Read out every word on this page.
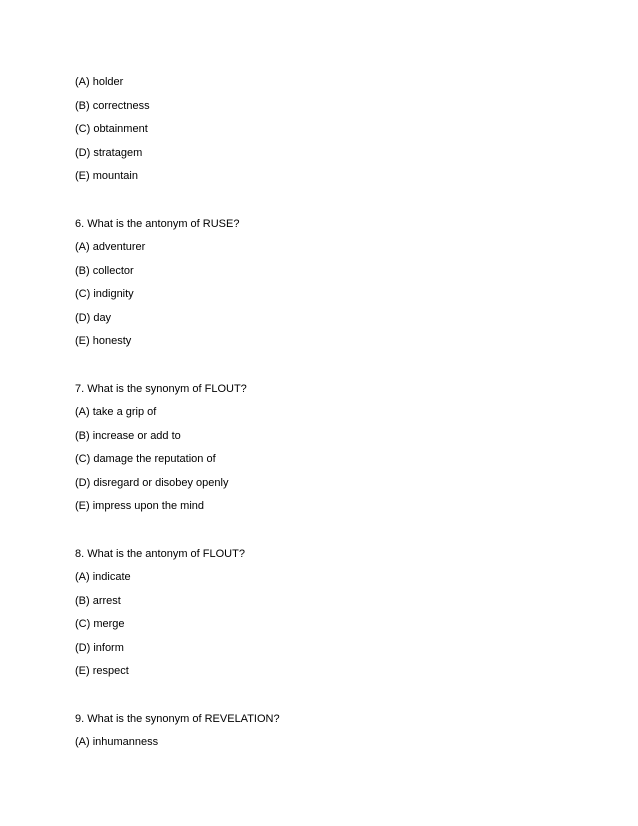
(A) holder
(B) correctness
(C) obtainment
(D) stratagem
(E) mountain
6. What is the antonym of RUSE?
(A) adventurer
(B) collector
(C) indignity
(D) day
(E) honesty
7. What is the synonym of FLOUT?
(A) take a grip of
(B) increase or add to
(C) damage the reputation of
(D) disregard or disobey openly
(E) impress upon the mind
8. What is the antonym of FLOUT?
(A) indicate
(B) arrest
(C) merge
(D) inform
(E) respect
9. What is the synonym of REVELATION?
(A) inhumanness
